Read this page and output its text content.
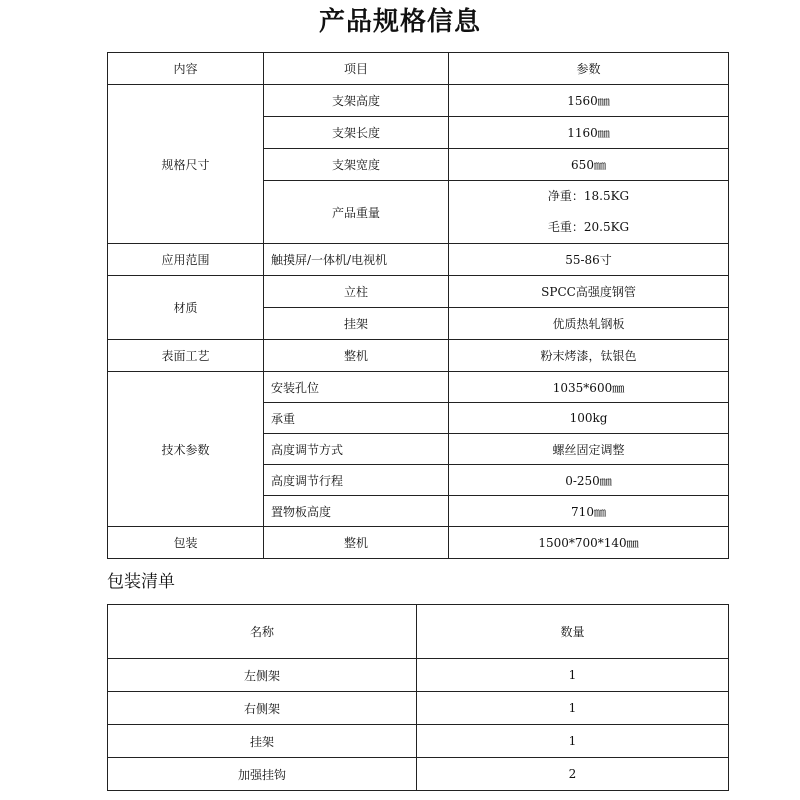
产品规格信息
内容	项目	参数
规格尺寸	支架高度	1560㎜
	支架长度	1160㎜
	支架宽度	650㎜
	产品重量	净重：18.5KG
毛重：20.5KG

应用范围	触摸屏/一体机/电视机	55-86寸
材质	立柱	SPCC高强度钢管
	挂架	优质热轧钢板
表面工艺	整机	粉末烤漆，钛银色
技术参数	安装孔位	1035*600㎜
	承重	100kg
	高度调节方式	螺丝固定调整
	高度调节行程	0-250㎜
	置物板高度	710㎜
包装	整机	1500*700*140㎜
包装清单
名称	数量
左侧架	1
右侧架	1
挂架	1
加强挂钩	2
